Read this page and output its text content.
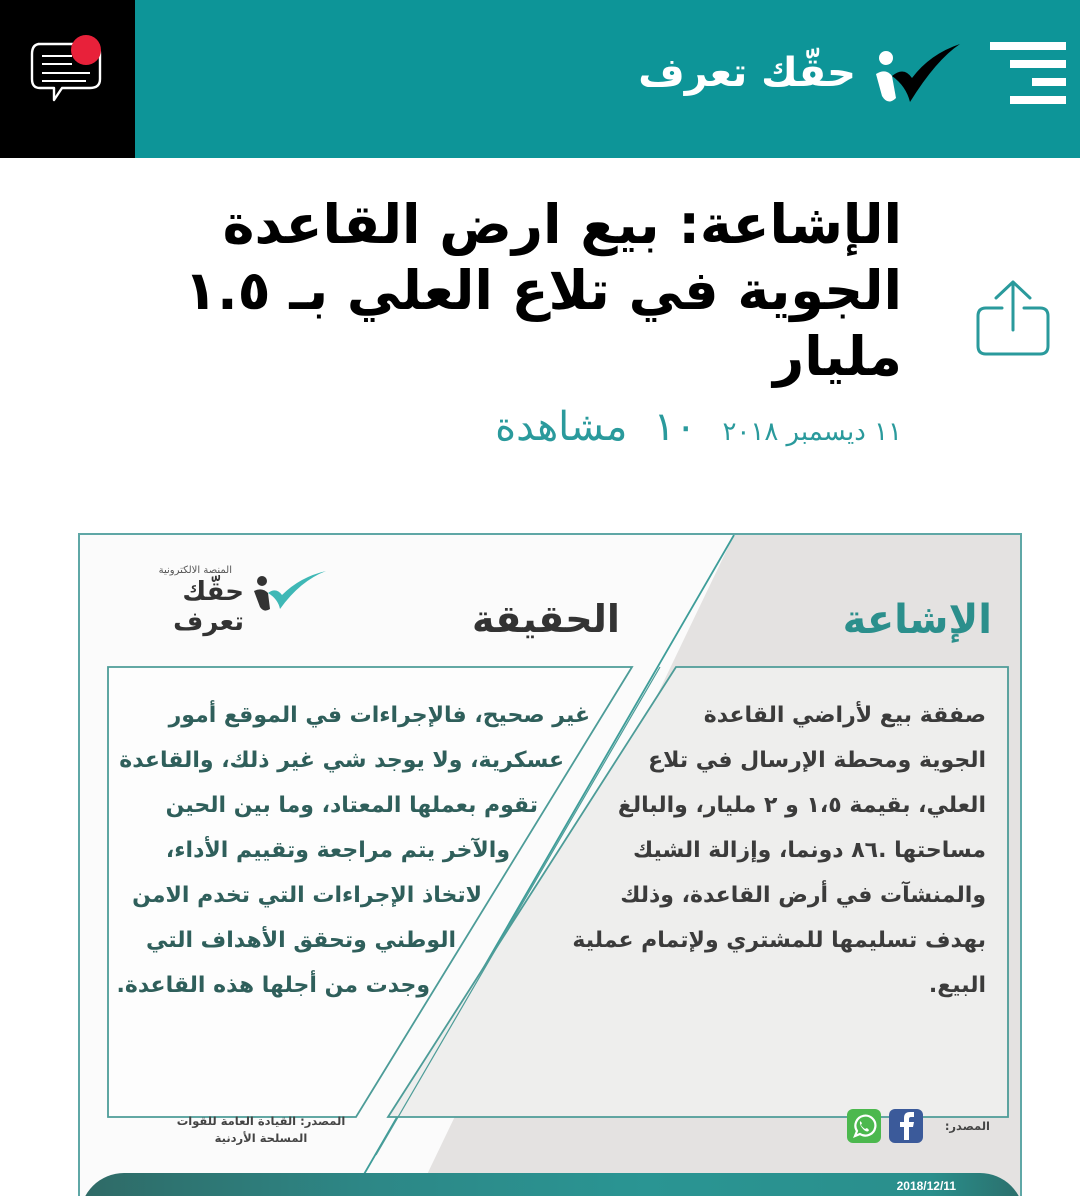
حقّك تعرف
الإشاعة: بيع ارض القاعدة الجوية في تلاع العلي بـ ١.٥ مليار
١١ ديسمبر ٢٠١٨
١٠
مشاهدة
المنصة الالكترونية
حقّك تعرف	الحقيقة	الإشاعة
غير صحيح، فالإجراءات في الموقع أمور
عسكرية، ولا يوجد شي غير ذلك، والقاعدة
تقوم بعملها المعتاد، وما بين الحين
والآخر يتم مراجعة وتقييم الأداء،
لاتخاذ الإجراءات التي تخدم الامن
الوطني وتحقق الأهداف التي
وجدت من أجلها هذه القاعدة.
صفقة بيع لأراضي القاعدة
الجوية ومحطة الإرسال في تلاع
العلي، بقيمة ١،٥ و ٢ مليار، والبالغ
مساحتها .٨٦ دونما، وإزالة الشيك
والمنشآت في أرض القاعدة، وذلك
بهدف تسليمها للمشتري ولإتمام عملية
البيع.
المصدر: القيادة العامة للقوات
المسلحة الأردنية
المصدر:
2018/12/11
